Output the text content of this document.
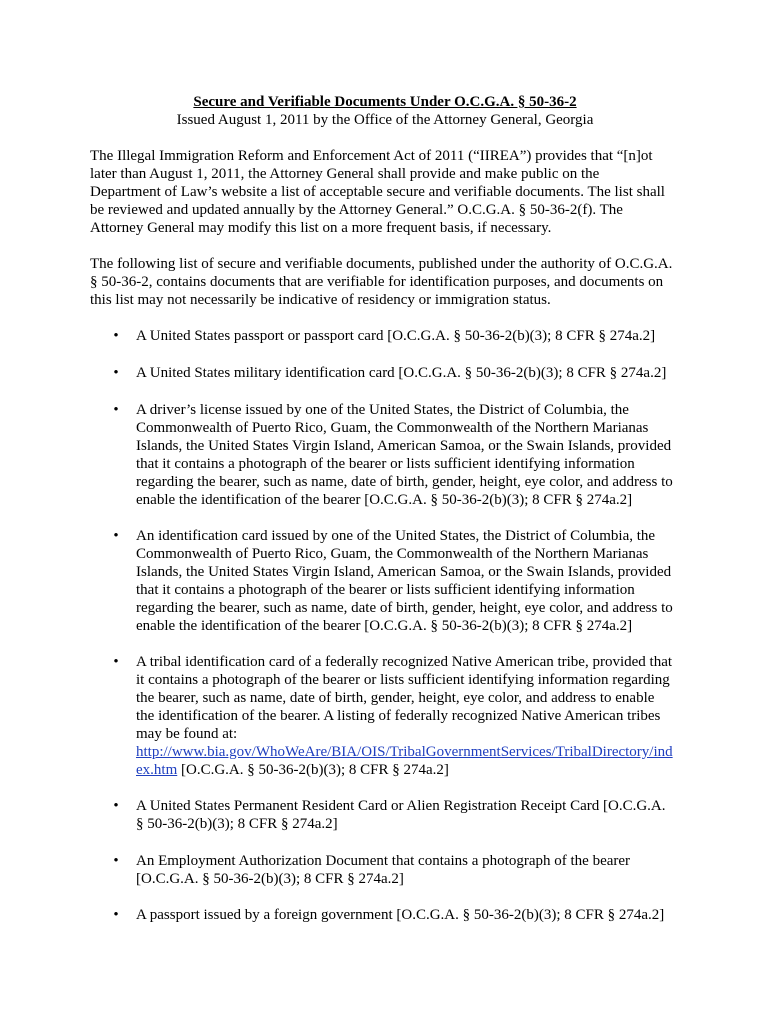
Secure and Verifiable Documents Under O.C.G.A. § 50-36-2
Issued August 1, 2011 by the Office of the Attorney General, Georgia
The Illegal Immigration Reform and Enforcement Act of 2011 (“IIREA”) provides that “[n]ot
later than August 1, 2011, the Attorney General shall provide and make public on the
Department of Law’s website a list of acceptable secure and verifiable documents. The list shall
be reviewed and updated annually by the Attorney General.” O.C.G.A. § 50-36-2(f). The
Attorney General may modify this list on a more frequent basis, if necessary.
The following list of secure and verifiable documents, published under the authority of O.C.G.A.
§ 50-36-2, contains documents that are verifiable for identification purposes, and documents on
this list may not necessarily be indicative of residency or immigration status.
• A United States passport or passport card [O.C.G.A. § 50-36-2(b)(3); 8 CFR § 274a.2]
• A United States military identification card [O.C.G.A. § 50-36-2(b)(3); 8 CFR § 274a.2]
• A driver’s license issued by one of the United States, the District of Columbia, the
Commonwealth of Puerto Rico, Guam, the Commonwealth of the Northern Marianas
Islands, the United States Virgin Island, American Samoa, or the Swain Islands, provided
that it contains a photograph of the bearer or lists sufficient identifying information
regarding the bearer, such as name, date of birth, gender, height, eye color, and address to
enable the identification of the bearer [O.C.G.A. § 50-36-2(b)(3); 8 CFR § 274a.2]
• An identification card issued by one of the United States, the District of Columbia, the
Commonwealth of Puerto Rico, Guam, the Commonwealth of the Northern Marianas
Islands, the United States Virgin Island, American Samoa, or the Swain Islands, provided
that it contains a photograph of the bearer or lists sufficient identifying information
regarding the bearer, such as name, date of birth, gender, height, eye color, and address to
enable the identification of the bearer [O.C.G.A. § 50-36-2(b)(3); 8 CFR § 274a.2]
• A tribal identification card of a federally recognized Native American tribe, provided that
it contains a photograph of the bearer or lists sufficient identifying information regarding
the bearer, such as name, date of birth, gender, height, eye color, and address to enable
the identification of the bearer. A listing of federally recognized Native American tribes
may be found at:
http://www.bia.gov/WhoWeAre/BIA/OIS/TribalGovernmentServices/TribalDirectory/ind
ex.htm [O.C.G.A. § 50-36-2(b)(3); 8 CFR § 274a.2]
• A United States Permanent Resident Card or Alien Registration Receipt Card [O.C.G.A.
§ 50-36-2(b)(3); 8 CFR § 274a.2]
• An Employment Authorization Document that contains a photograph of the bearer
[O.C.G.A. § 50-36-2(b)(3); 8 CFR § 274a.2]
• A passport issued by a foreign government [O.C.G.A. § 50-36-2(b)(3); 8 CFR § 274a.2]
